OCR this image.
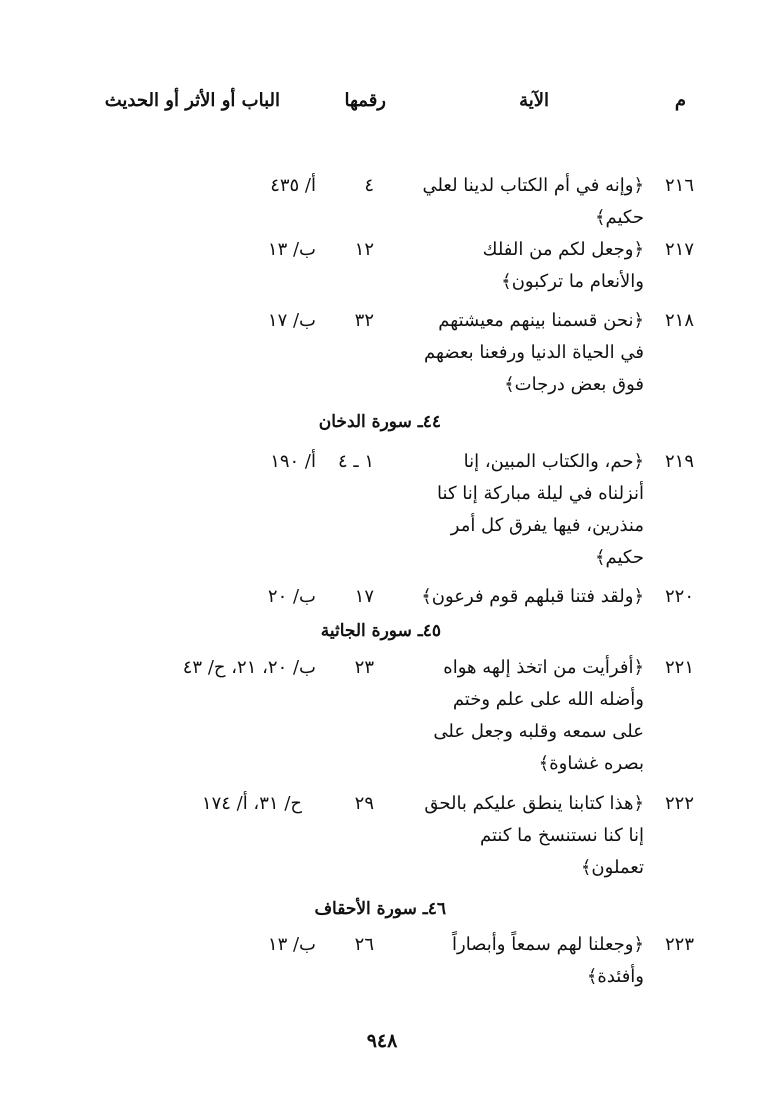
م
الآية
رقمها
الباب أو الأثر أو الحديث
٢١٦
﴿وإنه في أم الكتاب لدينا لعلي
حكيم﴾
٤
أ/ ٤٣٥
٢١٧
﴿وجعل لكم من الفلك
والأنعام ما تركبون﴾
١٢
ب/ ١٣
٢١٨
﴿نحن قسمنا بينهم معيشتهم
في الحياة الدنيا ورفعنا بعضهم
فوق بعض درجات﴾
٣٢
ب/ ١٧
٤٤ـ سورة الدخان
٢١٩
﴿حم، والكتاب المبين، إنا
أنزلناه في ليلة مباركة إنا كنا
منذرين، فيها يفرق كل أمر
حكيم﴾
١ ـ ٤
أ/ ١٩٠
٢٢٠
﴿ولقد فتنا قبلهم قوم فرعون﴾
١٧
ب/ ٢٠
٤٥ـ سورة الجاثية
٢٢١
﴿أفرأيت من اتخذ إلهه هواه
وأضله الله على علم وختم
على سمعه وقلبه وجعل على
بصره غشاوة﴾
٢٣
ب/ ٢٠، ٢١، ح/ ٤٣
٢٢٢
﴿هذا كتابنا ينطق عليكم بالحق
إنا كنا نستنسخ ما كنتم
تعملون﴾
٢٩
ح/ ٣١، أ/ ١٧٤
٤٦ـ سورة الأحقاف
٢٢٣
﴿وجعلنا لهم سمعاً وأبصاراً
وأفئدة﴾
٢٦
ب/ ١٣
٩٤٨
